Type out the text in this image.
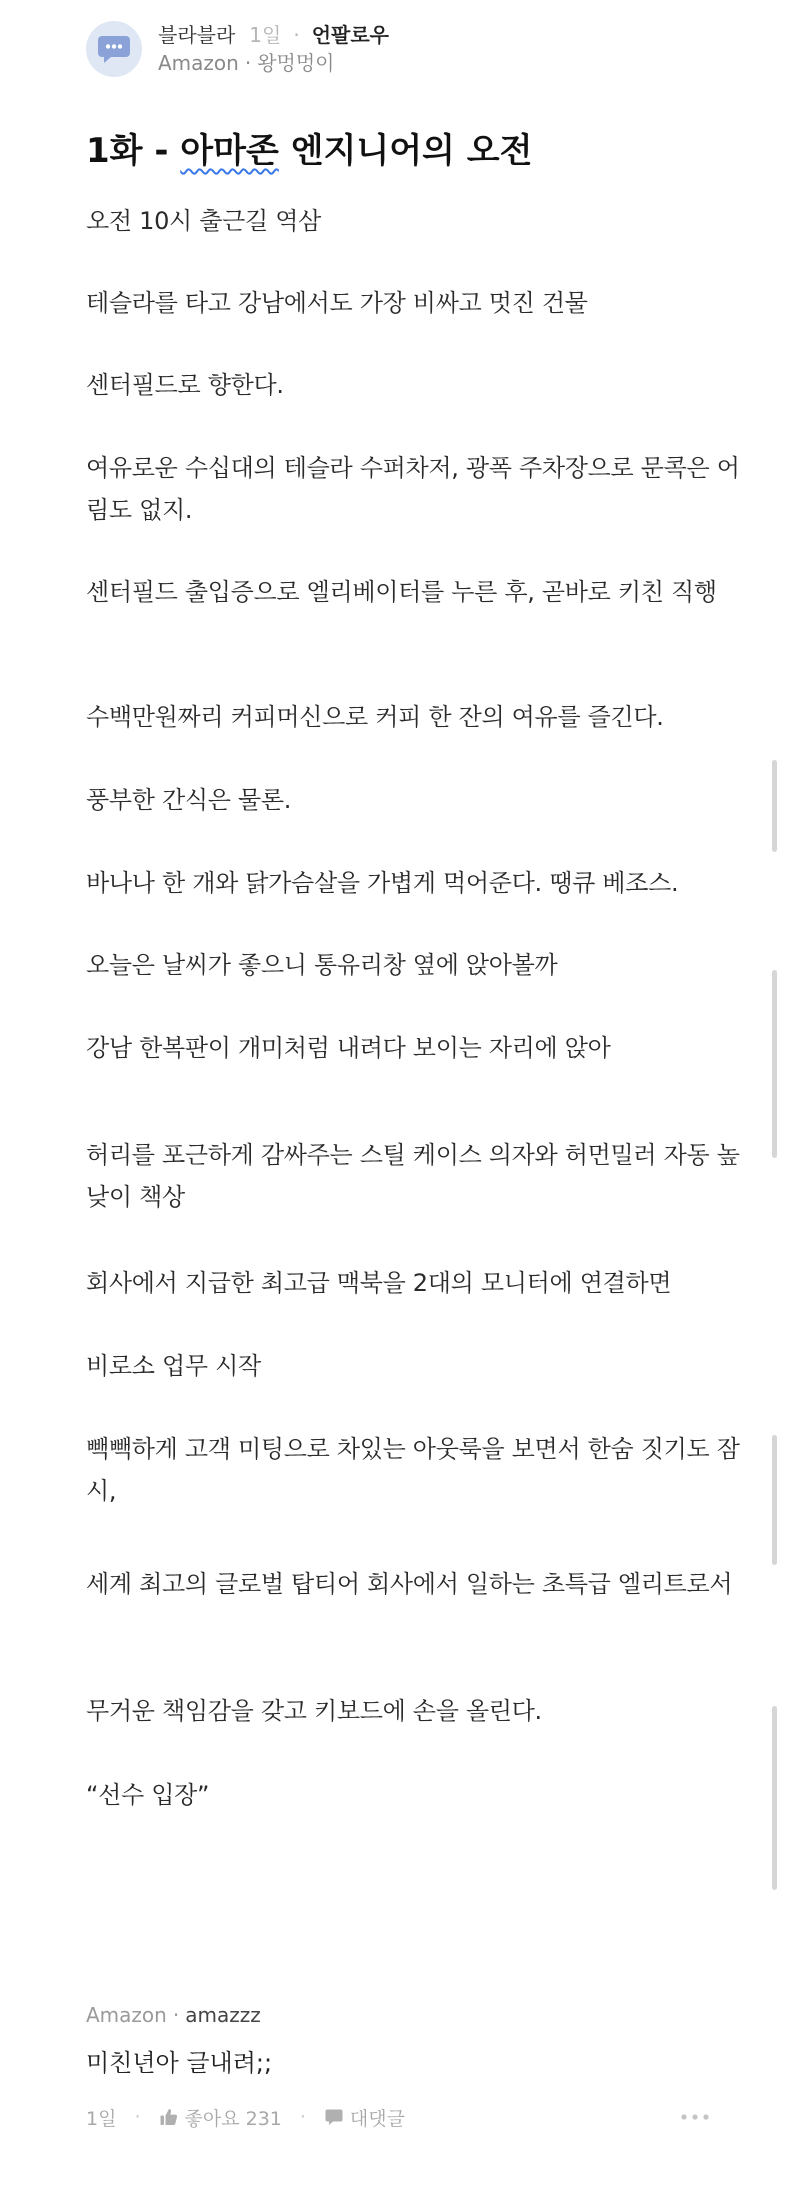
블라블라 1일 · 언팔로우
Amazon · 왕멍멍이
1화 - 아마존 엔지니어의 오전

오전 10시 출근길 역삼

테슬라를 타고 강남에서도 가장 비싸고 멋진 건물

센터필드로 향한다.

여유로운 수십대의 테슬라 수퍼차저, 광폭 주차장으로 문콕은 어림도 없지.

센터필드 출입증으로 엘리베이터를 누른 후, 곧바로 키친 직행

수백만원짜리 커피머신으로 커피 한 잔의 여유를 즐긴다.

풍부한 간식은 물론.

바나나 한 개와 닭가슴살을 가볍게 먹어준다. 땡큐 베조스.

오늘은 날씨가 좋으니 통유리창 옆에 앉아볼까

강남 한복판이 개미처럼 내려다 보이는 자리에 앉아

허리를 포근하게 감싸주는 스틸 케이스 의자와 허먼밀러 자동 높낮이 책상

회사에서 지급한 최고급 맥북을 2대의 모니터에 연결하면

비로소 업무 시작

빽빽하게 고객 미팅으로 차있는 아웃룩을 보면서 한숨 짓기도 잠시,

세계 최고의 글로벌 탑티어 회사에서 일하는 초특급 엘리트로서

무거운 책임감을 갖고 키보드에 손을 올린다.

“선수 입장”

Amazon · amazzz
미친년아 글내려;;
1일 · 좋아요 231 · 대댓글
